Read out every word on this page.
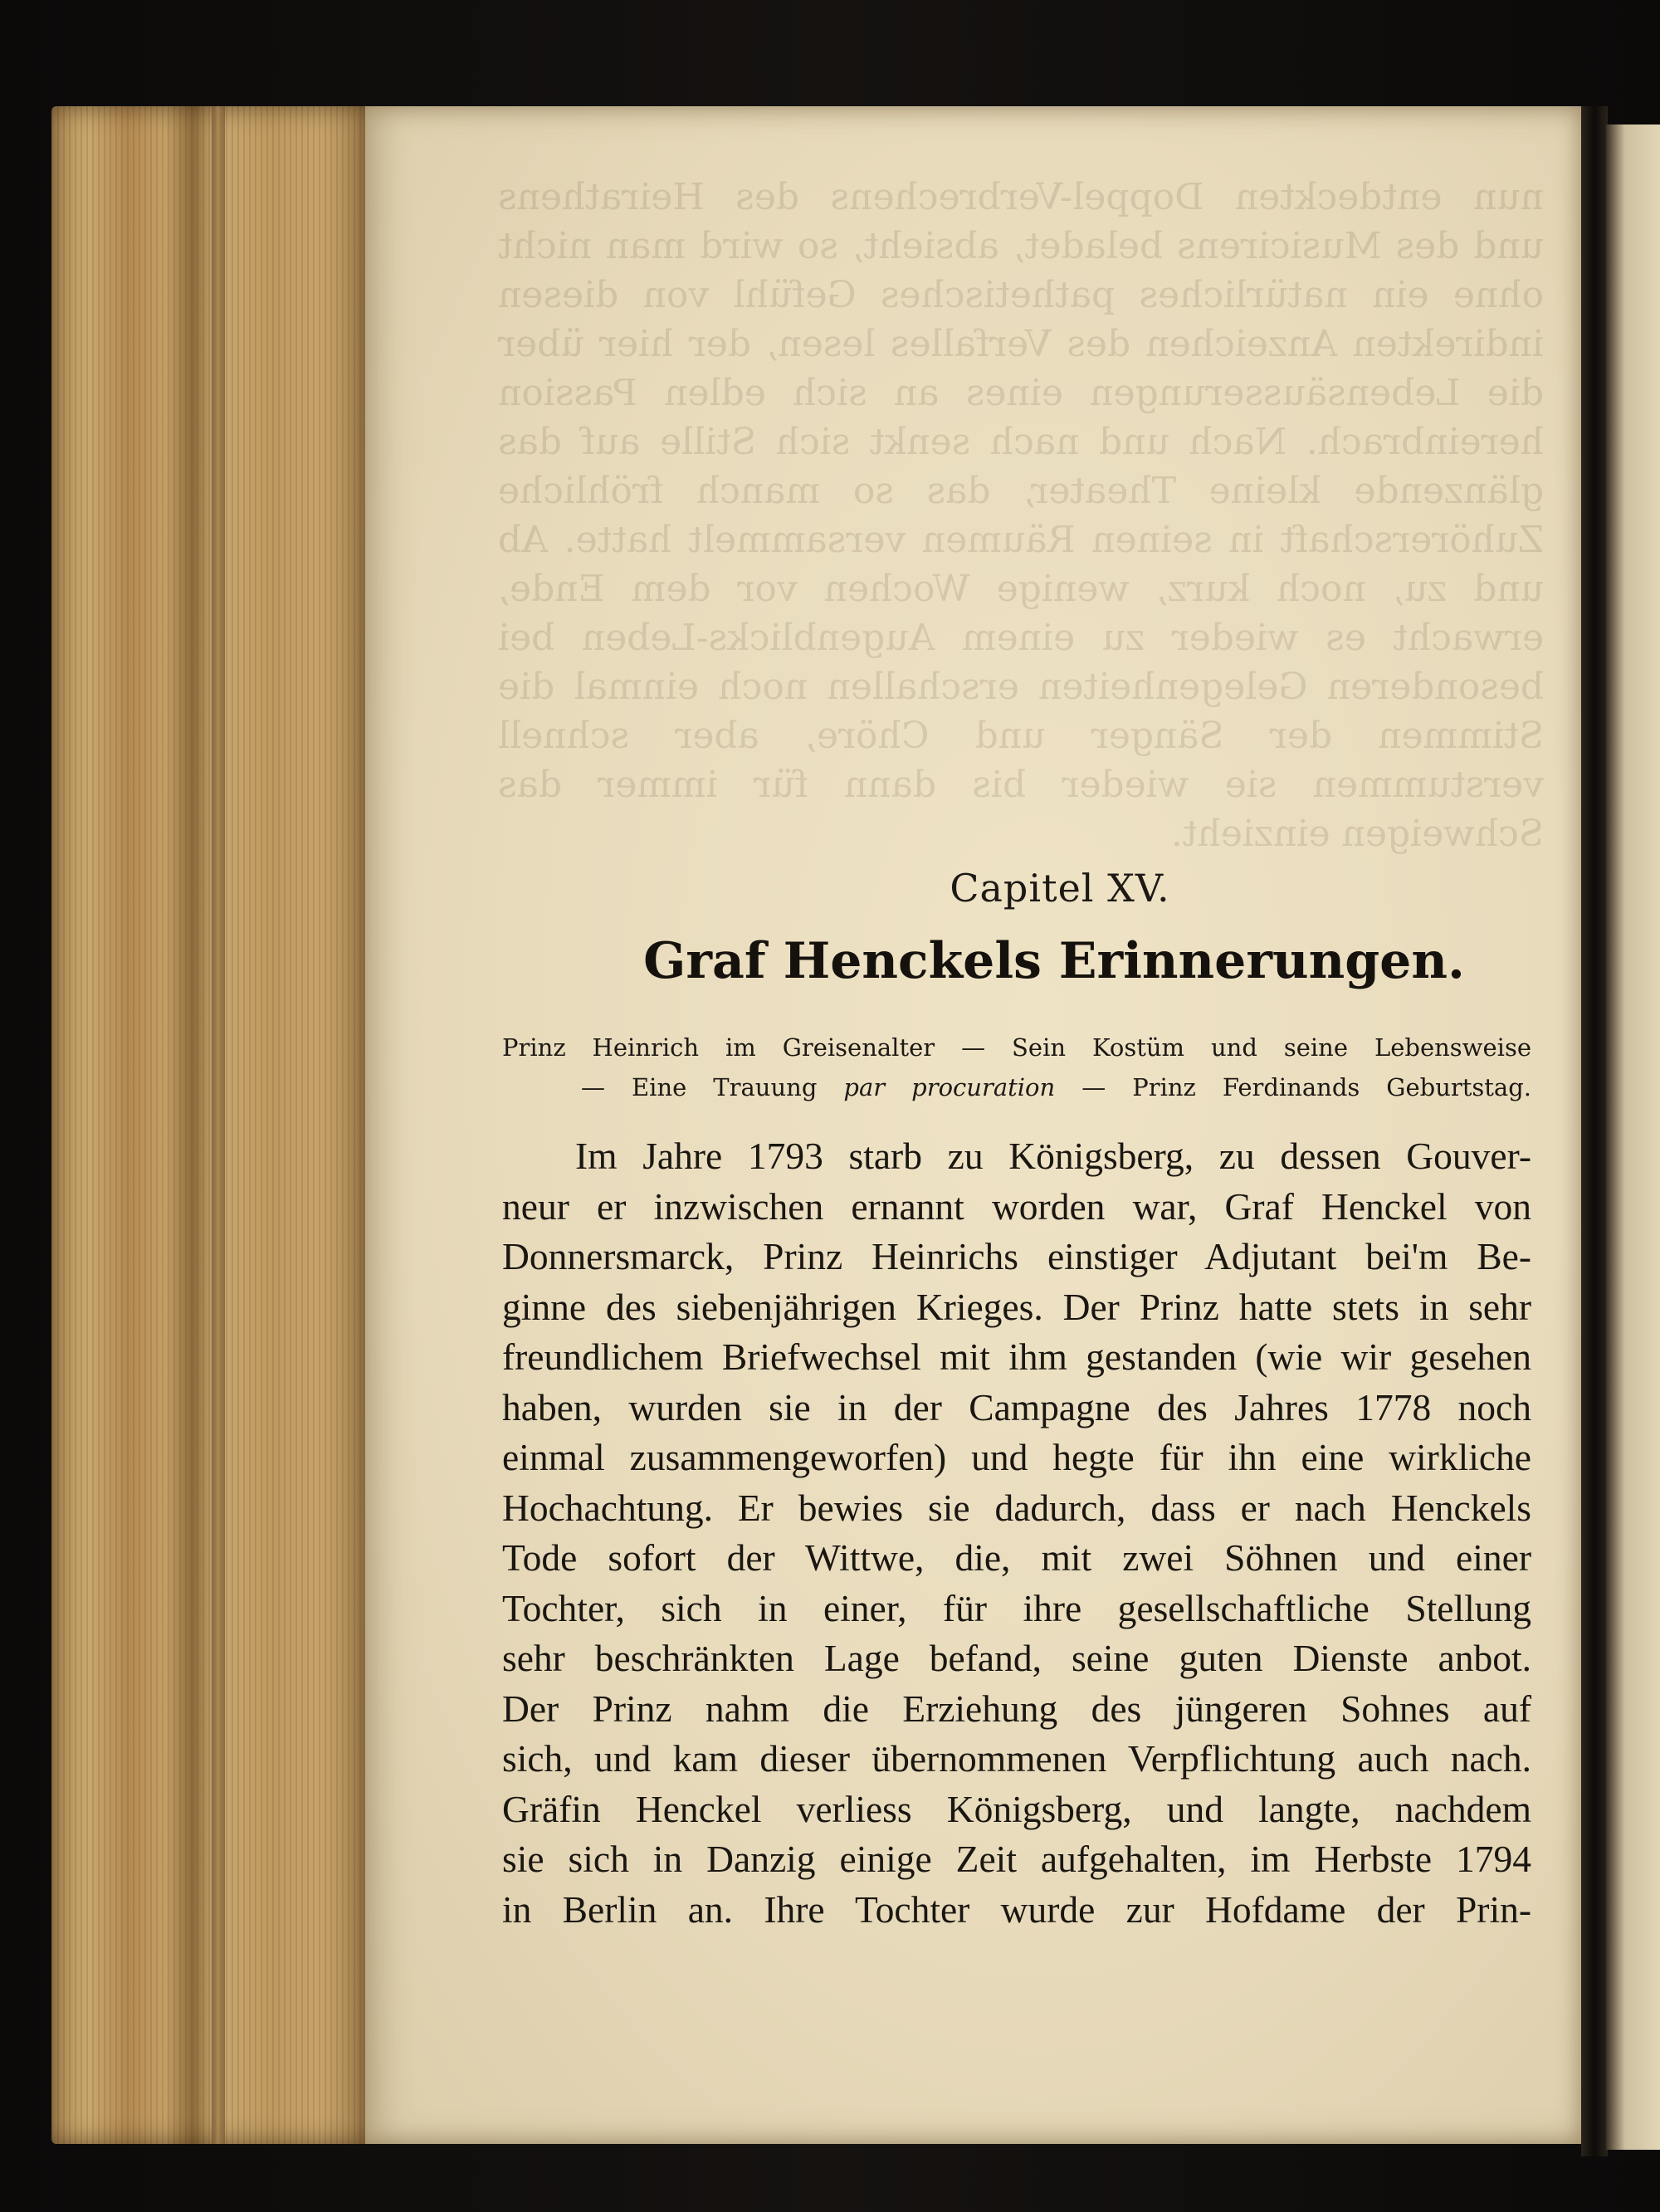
nun entdeckten Doppel-Verbrechens des Heirathens und des Musicirens beladet, absieht, so wird man nicht ohne ein natürliches pathetisches Gefühl von diesen indirekten Anzeichen des Verfalles lesen, der hier über die Lebensäusserungen eines an sich edlen Passion hereinbrach. Nach und nach senkt sich Stille auf das glänzende kleine Theater, das so manch fröhliche Zuhörerschaft in seinen Räumen versammelt hatte. Ab und zu, noch kurz, wenige Wochen vor dem Ende, erwacht es wieder zu einem Augenblicks-Leben bei besonderen Gelegenheiten erschallen noch einmal die Stimmen der Sänger und Chöre, aber schnell verstummen sie wieder bis dann für immer das Schweigen einzieht.
Capitel XV.
Graf Henckels Erinnerungen.
Prinz Heinrich im Greisenalter — Sein Kostüm und seine Lebensweise
— Eine Trauung par procuration — Prinz Ferdinands Geburtstag.
Im Jahre 1793 starb zu Königsberg, zu dessen Gouver-
neur er inzwischen ernannt worden war, Graf Henckel von
Donnersmarck, Prinz Heinrichs einstiger Adjutant bei'm Be-
ginne des siebenjährigen Krieges. Der Prinz hatte stets in sehr
freundlichem Briefwechsel mit ihm gestanden (wie wir gesehen
haben, wurden sie in der Campagne des Jahres 1778 noch
einmal zusammengeworfen) und hegte für ihn eine wirkliche
Hochachtung. Er bewies sie dadurch, dass er nach Henckels
Tode sofort der Wittwe, die, mit zwei Söhnen und einer
Tochter, sich in einer, für ihre gesellschaftliche Stellung
sehr beschränkten Lage befand, seine guten Dienste anbot.
Der Prinz nahm die Erziehung des jüngeren Sohnes auf
sich, und kam dieser übernommenen Verpflichtung auch nach.
Gräfin Henckel verliess Königsberg, und langte, nachdem
sie sich in Danzig einige Zeit aufgehalten, im Herbste 1794
in Berlin an. Ihre Tochter wurde zur Hofdame der Prin-
